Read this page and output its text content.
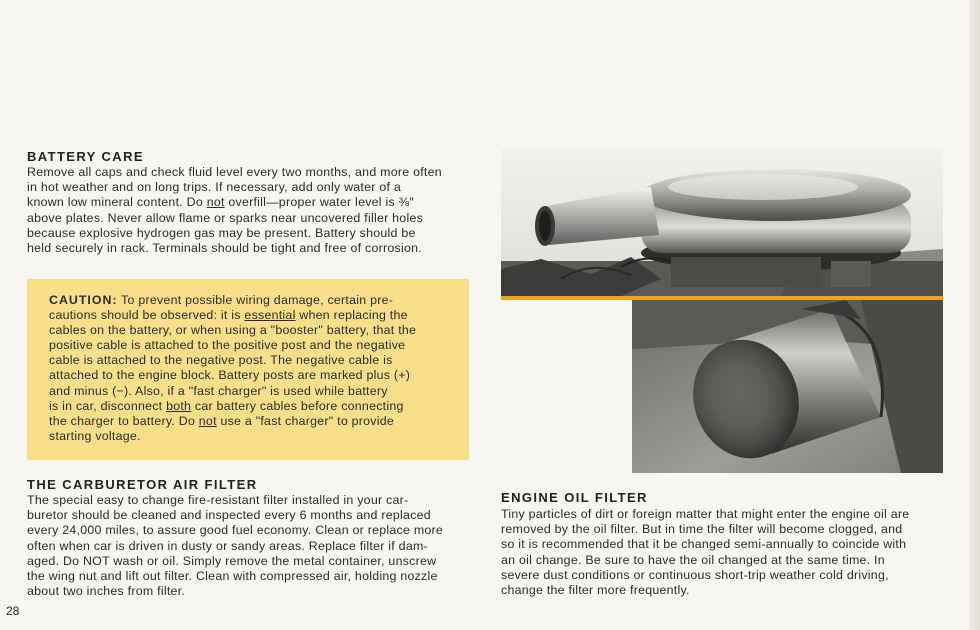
BATTERY CARE
Remove all caps and check fluid level every two months, and more often
in hot weather and on long trips. If necessary, add only water of a
known low mineral content. Do not overfill—proper water level is ⅜″
above plates. Never allow flame or sparks near uncovered filler holes
because explosive hydrogen gas may be present. Battery should be
held securely in rack. Terminals should be tight and free of corrosion.
CAUTION: To prevent possible wiring damage, certain pre-
cautions should be observed: it is essential when replacing the
cables on the battery, or when using a "booster" battery, that the
positive cable is attached to the positive post and the negative
cable is attached to the negative post. The negative cable is
attached to the engine block. Battery posts are marked plus (+)
and minus (−). Also, if a "fast charger" is used while battery
is in car, disconnect both car battery cables before connecting
the charger to battery. Do not use a "fast charger" to provide
starting voltage.
THE CARBURETOR AIR FILTER
The special easy to change fire-resistant filter installed in your car-
buretor should be cleaned and inspected every 6 months and replaced
every 24,000 miles, to assure good fuel economy. Clean or replace more
often when car is driven in dusty or sandy areas. Replace filter if dam-
aged. Do NOT wash or oil. Simply remove the metal container, unscrew
the wing nut and lift out filter. Clean with compressed air, holding nozzle
about two inches from filter.
ENGINE OIL FILTER
Tiny particles of dirt or foreign matter that might enter the engine oil are
removed by the oil filter. But in time the filter will become clogged, and
so it is recommended that it be changed semi-annually to coincide with
an oil change. Be sure to have the oil changed at the same time. In
severe dust conditions or continuous short-trip weather cold driving,
change the filter more frequently.
28
